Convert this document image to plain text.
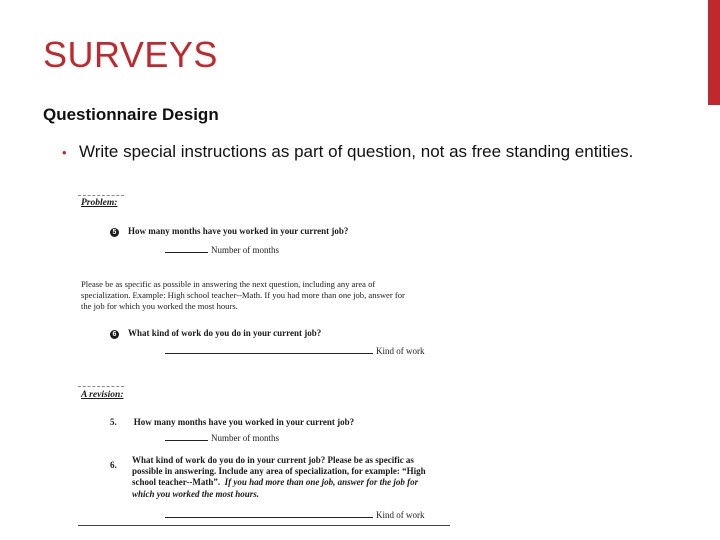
SURVEYS
Questionnaire Design
• Write special instructions as part of question, not as free standing entities.
Problem:
5 How many months have you worked in your current job?
Number of months
Please be as specific as possible in answering the next question, including any area of
specialization. Example: High school teacher--Math. If you had more than one job, answer for
the job for which you worked the most hours.
6 What kind of work do you do in your current job?
Kind of work
A revision:
5. How many months have you worked in your current job?
Number of months
6. What kind of work do you do in your current job? Please be as specific as
possible in answering. Include any area of specialization, for example: “High
school teacher--Math”. If you had more than one job, answer for the job for
which you worked the most hours.
Kind of work
